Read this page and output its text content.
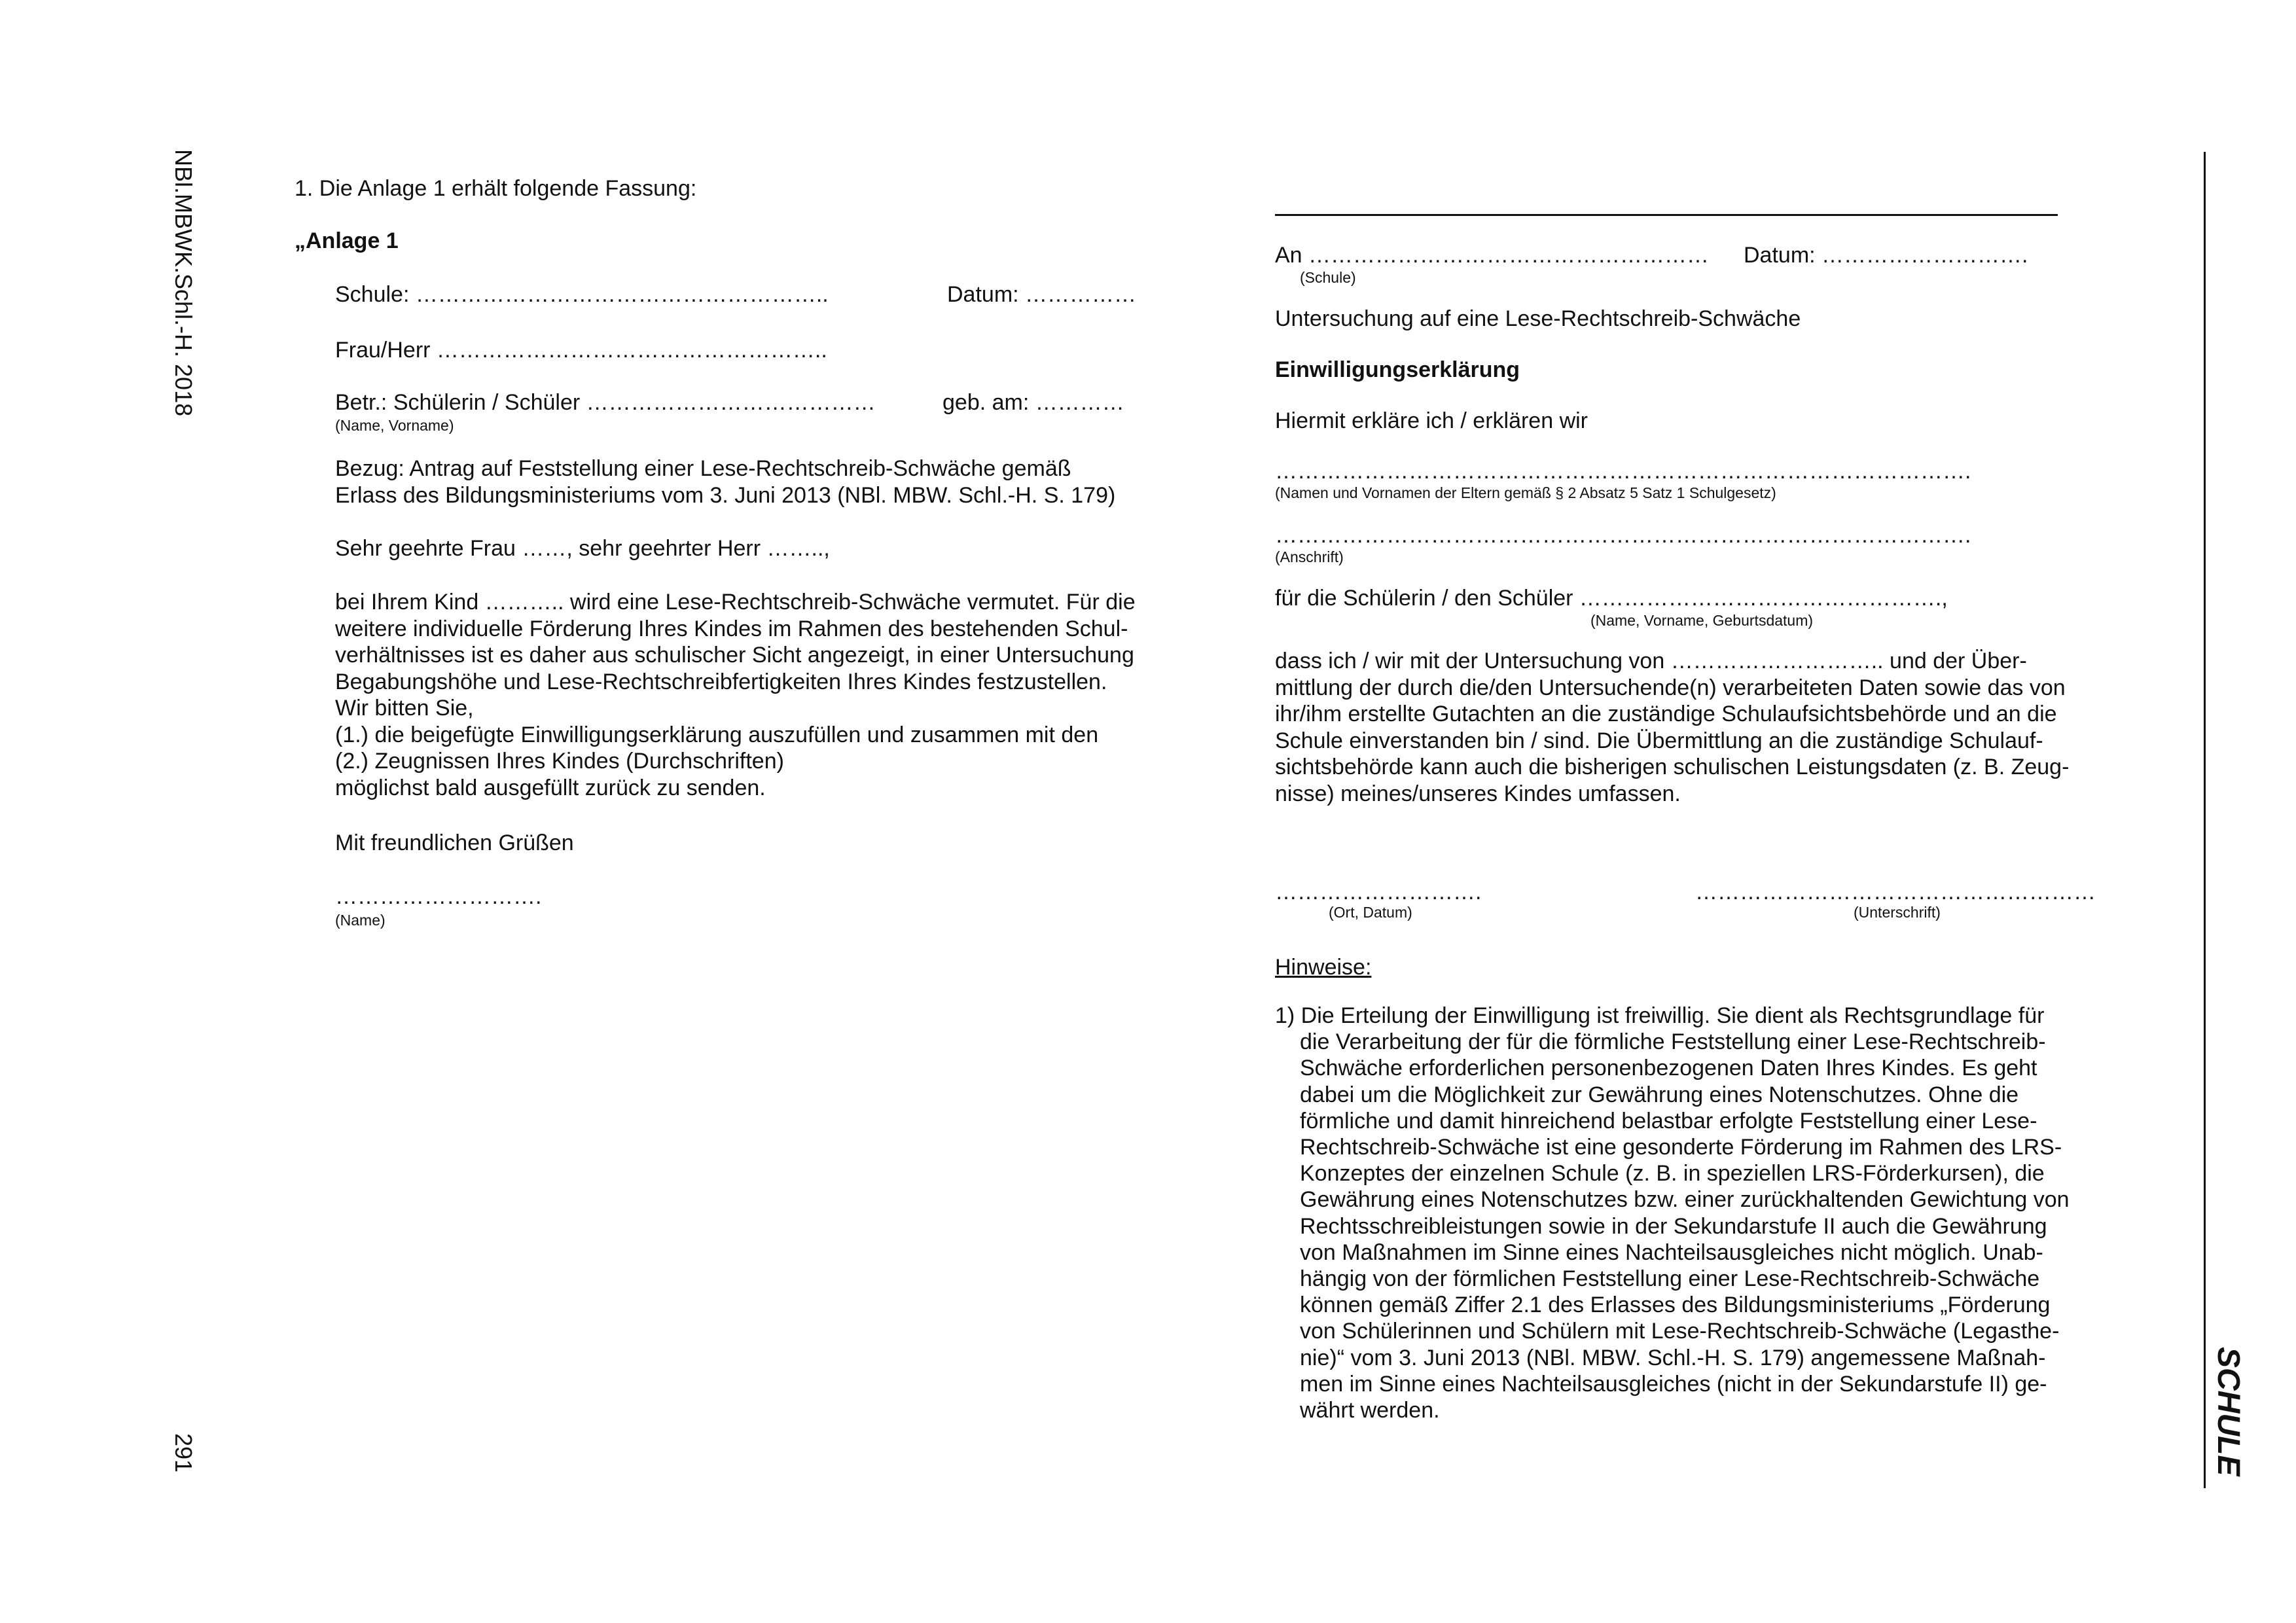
NBl.MBWK.Schl.-H. 2018
291	SCHULE
1. Die Anlage 1 erhält folgende Fassung:
„Anlage 1
Schule: ………………………………………………..	Datum: ……………
Frau/Herr ……………………………………………..
Betr.: Schülerin / Schüler …………………………………	geb. am: …………
(Name, Vorname)
Bezug: Antrag auf Feststellung einer Lese-Rechtschreib-Schwäche gemäß
Erlass des Bildungsministeriums vom 3. Juni 2013 (NBl. MBW. Schl.-H. S. 179)
Sehr geehrte Frau ……, sehr geehrter Herr ……..,
bei Ihrem Kind ……….. wird eine Lese-Rechtschreib-Schwäche vermutet. Für die
weitere individuelle Förderung Ihres Kindes im Rahmen des bestehenden Schul-
verhältnisses ist es daher aus schulischer Sicht angezeigt, in einer Untersuchung
Begabungshöhe und Lese-Rechtschreibfertigkeiten Ihres Kindes festzustellen.
Wir bitten Sie,
(1.) die beigefügte Einwilligungserklärung auszufüllen und zusammen mit den
(2.) Zeugnissen Ihres Kindes (Durchschriften)
möglichst bald ausgefüllt zurück zu senden.
Mit freundlichen Grüßen
……………………….
(Name)
An ……………………………………………… Datum: ……………………….
(Schule)
Untersuchung auf eine Lese-Rechtschreib-Schwäche
Einwilligungserklärung
Hiermit erkläre ich / erklären wir
………………………………………………………………………………….
(Namen und Vornamen der Eltern gemäß § 2 Absatz 5 Satz 1 Schulgesetz)
………………………………………………………………………………….
(Anschrift)
für die Schülerin / den Schüler ………………………………………….,
(Name, Vorname, Geburtsdatum)
dass ich / wir mit der Untersuchung von ……………………….. und der Über-
mittlung der durch die/den Untersuchende(n) verarbeiteten Daten sowie das von
ihr/ihm erstellte Gutachten an die zuständige Schulaufsichtsbehörde und an die
Schule einverstanden bin / sind. Die Übermittlung an die zuständige Schulauf-
sichtsbehörde kann auch die bisherigen schulischen Leistungsdaten (z. B. Zeug-
nisse) meines/unseres Kindes umfassen.
……………………….
(Ort, Datum)
………………………………………………
(Unterschrift)
Hinweise:
1) Die Erteilung der Einwilligung ist freiwillig. Sie dient als Rechtsgrundlage für
die Verarbeitung der für die förmliche Feststellung einer Lese-Rechtschreib-
Schwäche erforderlichen personenbezogenen Daten Ihres Kindes. Es geht
dabei um die Möglichkeit zur Gewährung eines Notenschutzes. Ohne die
förmliche und damit hinreichend belastbar erfolgte Feststellung einer Lese-
Rechtschreib-Schwäche ist eine gesonderte Förderung im Rahmen des LRS-
Konzeptes der einzelnen Schule (z. B. in speziellen LRS-Förderkursen), die
Gewährung eines Notenschutzes bzw. einer zurückhaltenden Gewichtung von
Rechtsschreibleistungen sowie in der Sekundarstufe II auch die Gewährung
von Maßnahmen im Sinne eines Nachteilsausgleiches nicht möglich. Unab-
hängig von der förmlichen Feststellung einer Lese-Rechtschreib-Schwäche
können gemäß Ziffer 2.1 des Erlasses des Bildungsministeriums „Förderung
von Schülerinnen und Schülern mit Lese-Rechtschreib-Schwäche (Legasthe-
nie)“ vom 3. Juni 2013 (NBl. MBW. Schl.-H. S. 179) angemessene Maßnah-
men im Sinne eines Nachteilsausgleiches (nicht in der Sekundarstufe II) ge-
währt werden.
